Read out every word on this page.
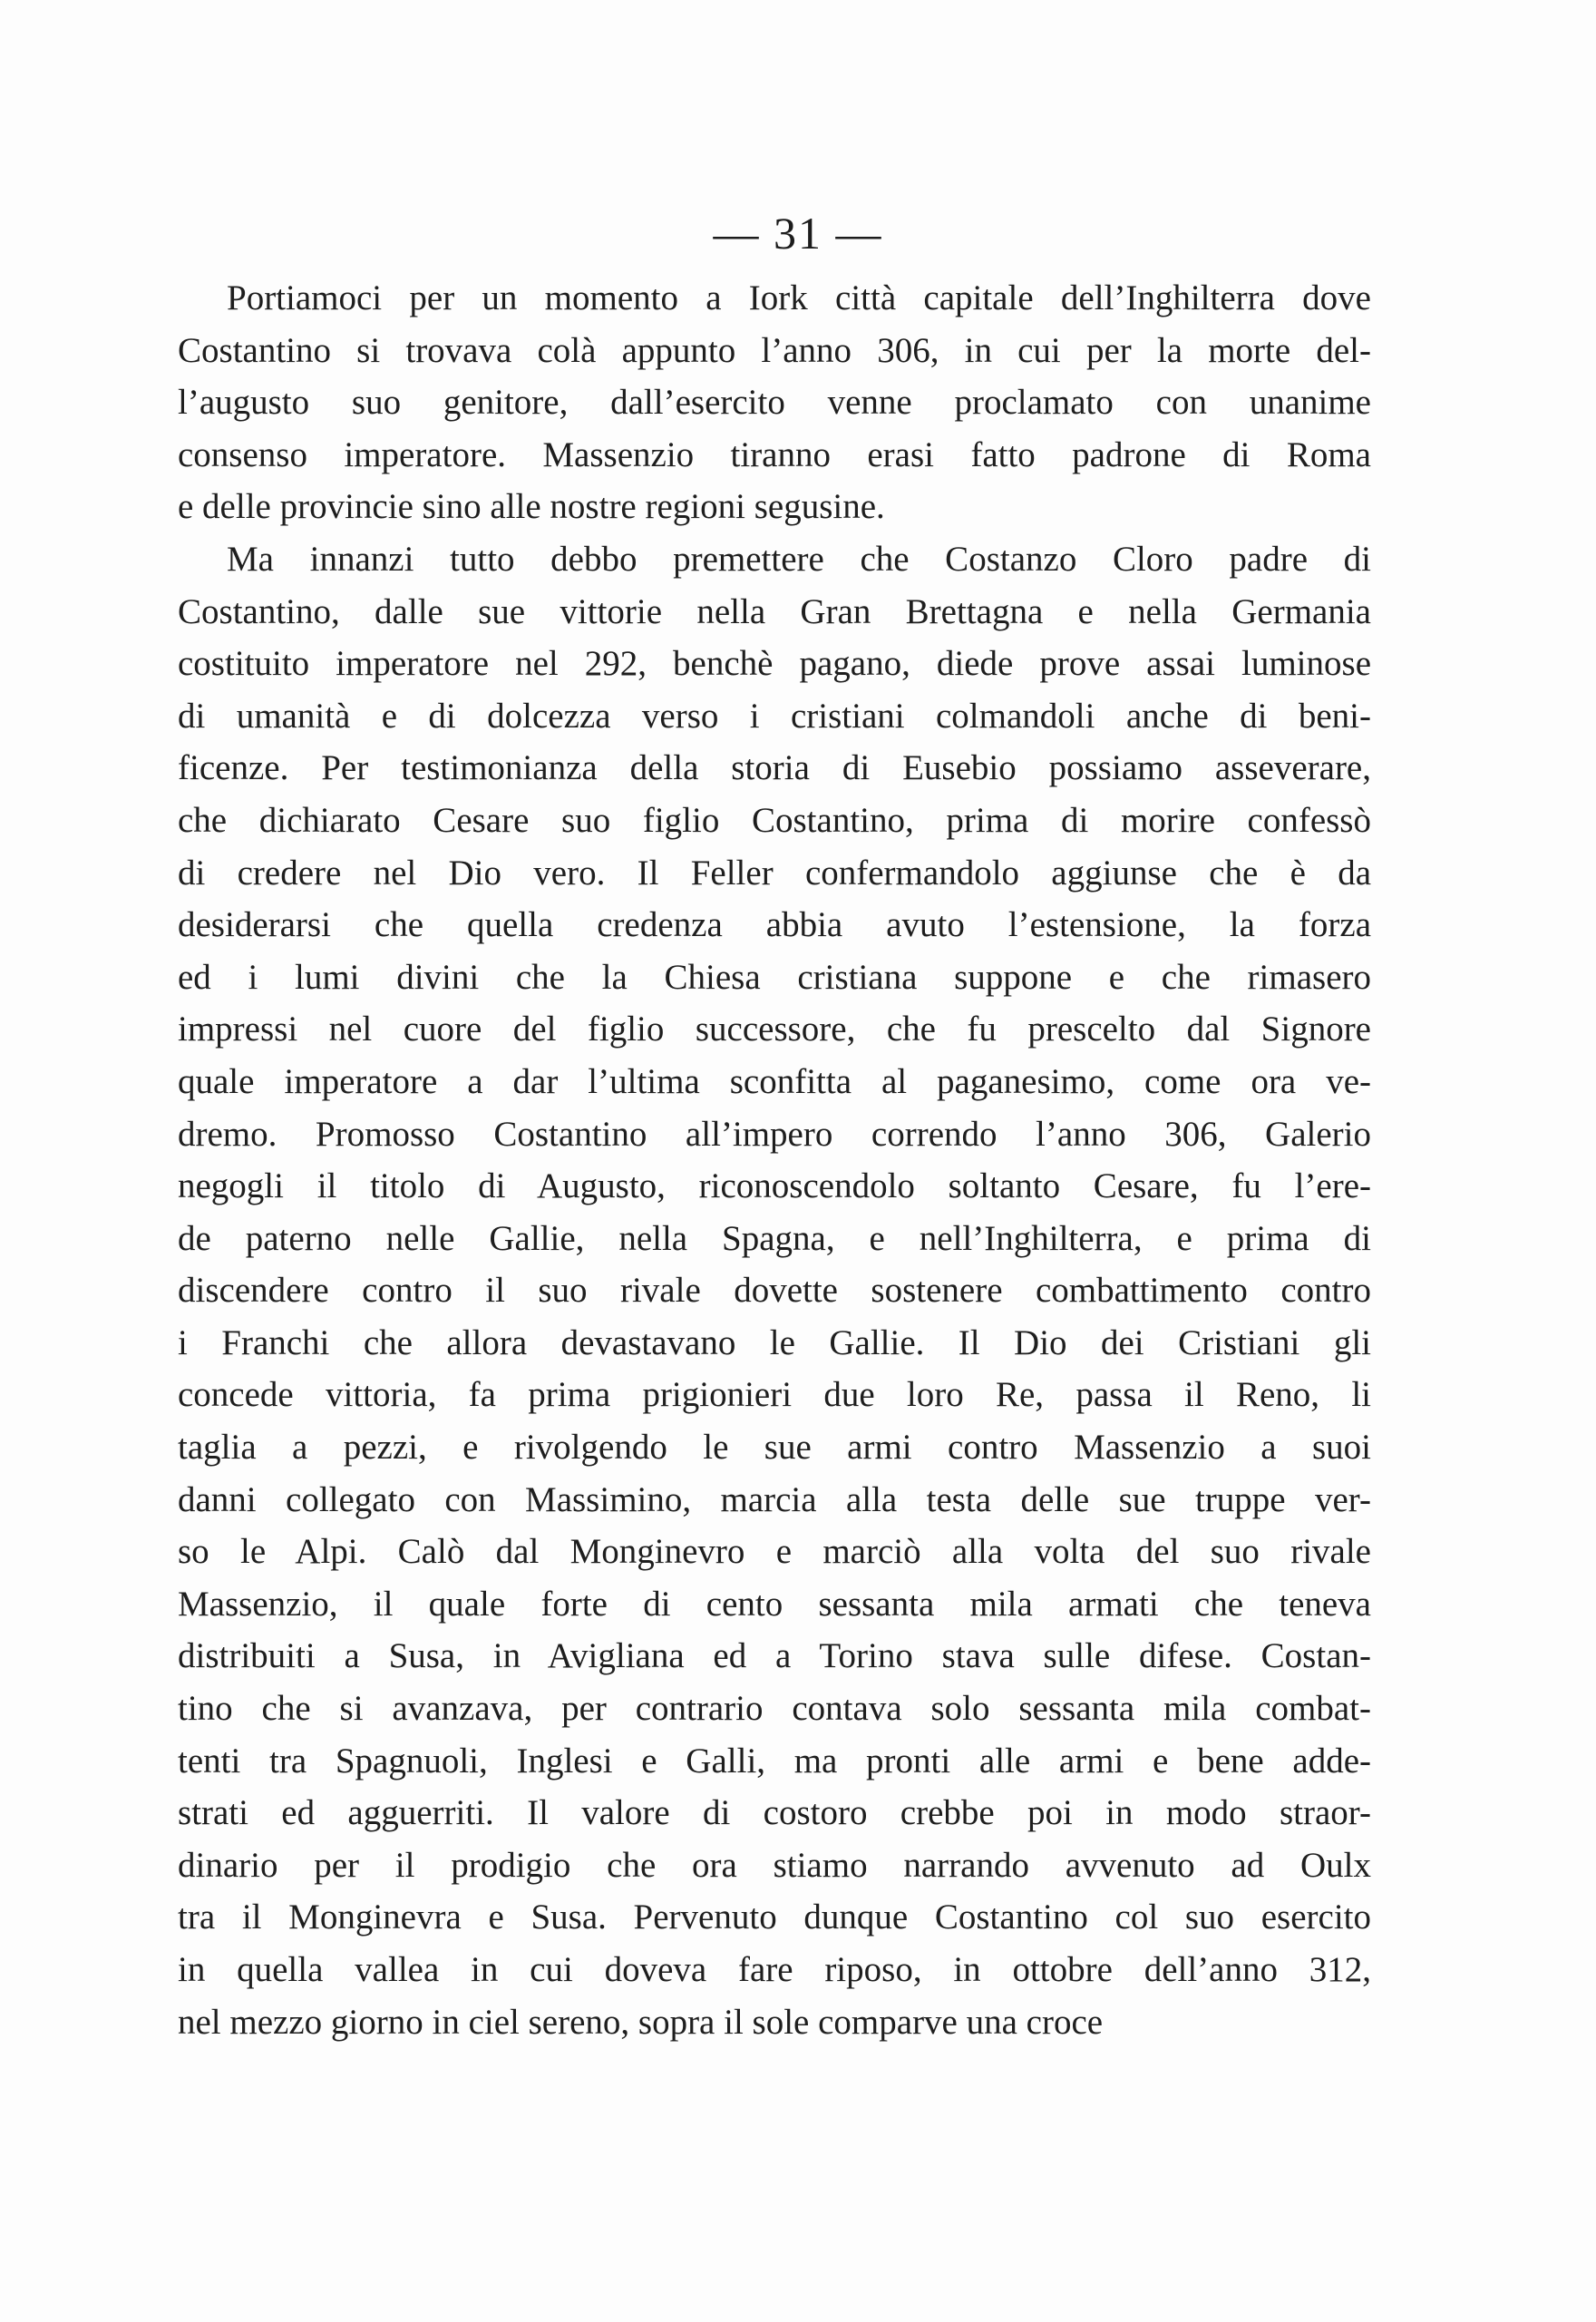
— 31 —
Portiamoci per un momento a Iork città capitale dell’Inghilterra dove
Costantino si trovava colà appunto l’anno 306, in cui per la morte del-
l’augusto suo genitore, dall’esercito venne proclamato con unanime
consenso imperatore. Massenzio tiranno erasi fatto padrone di Roma
e delle provincie sino alle nostre regioni segusine.
Ma innanzi tutto debbo premettere che Costanzo Cloro padre di
Costantino, dalle sue vittorie nella Gran Brettagna e nella Germania
costituito imperatore nel 292, benchè pagano, diede prove assai luminose
di umanità e di dolcezza verso i cristiani colmandoli anche di beni-
ficenze. Per testimonianza della storia di Eusebio possiamo asseverare,
che dichiarato Cesare suo figlio Costantino, prima di morire confessò
di credere nel Dio vero. Il Feller confermandolo aggiunse che è da
desiderarsi che quella credenza abbia avuto l’estensione, la forza
ed i lumi divini che la Chiesa cristiana suppone e che rimasero
impressi nel cuore del figlio successore, che fu prescelto dal Signore
quale imperatore a dar l’ultima sconfitta al paganesimo, come ora ve-
dremo. Promosso Costantino all’impero correndo l’anno 306, Galerio
negogli il titolo di Augusto, riconoscendolo soltanto Cesare, fu l’ere-
de paterno nelle Gallie, nella Spagna, e nell’Inghilterra, e prima di
discendere contro il suo rivale dovette sostenere combattimento contro
i Franchi che allora devastavano le Gallie. Il Dio dei Cristiani gli
concede vittoria, fa prima prigionieri due loro Re, passa il Reno, li
taglia a pezzi, e rivolgendo le sue armi contro Massenzio a suoi
danni collegato con Massimino, marcia alla testa delle sue truppe ver-
so le Alpi. Calò dal Monginevro e marciò alla volta del suo rivale
Massenzio, il quale forte di cento sessanta mila armati che teneva
distribuiti a Susa, in Avigliana ed a Torino stava sulle difese. Costan-
tino che si avanzava, per contrario contava solo sessanta mila combat-
tenti tra Spagnuoli, Inglesi e Galli, ma pronti alle armi e bene adde-
strati ed agguerriti. Il valore di costoro crebbe poi in modo straor-
dinario per il prodigio che ora stiamo narrando avvenuto ad Oulx
tra il Monginevra e Susa. Pervenuto dunque Costantino col suo esercito
in quella vallea in cui doveva fare riposo, in ottobre dell’anno 312,
nel mezzo giorno in ciel sereno, sopra il sole comparve una croce
